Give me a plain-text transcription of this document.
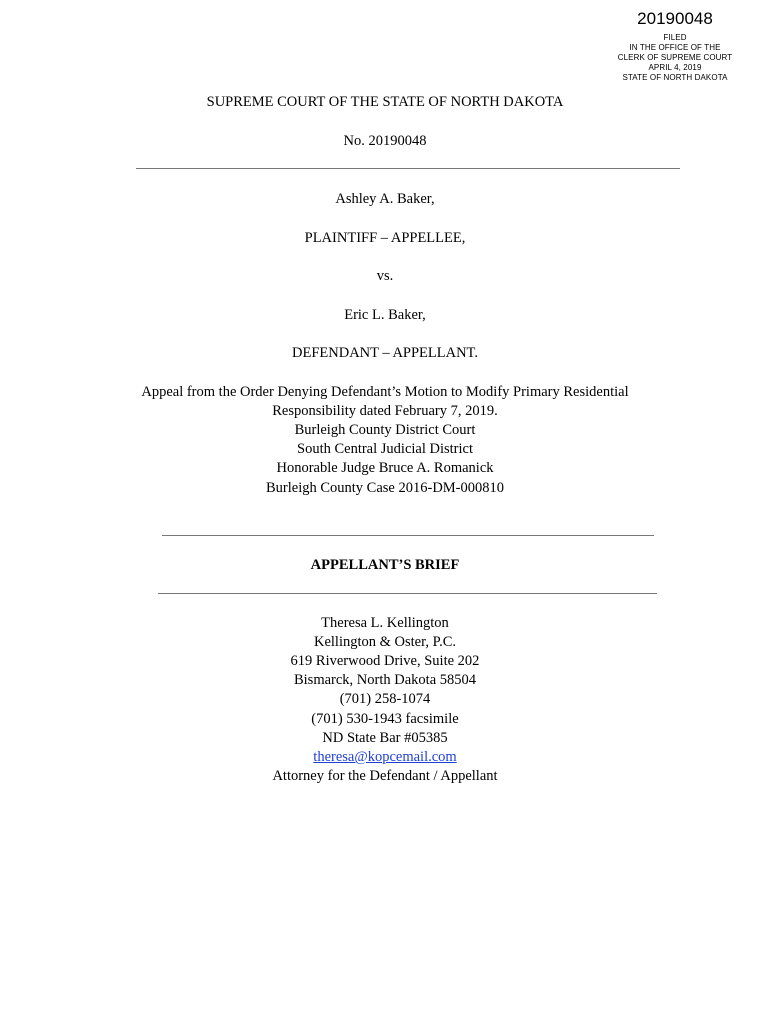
20190048
FILED
IN THE OFFICE OF THE
CLERK OF SUPREME COURT
APRIL 4, 2019
STATE OF NORTH DAKOTA
SUPREME COURT OF THE STATE OF NORTH DAKOTA
No. 20190048
Ashley A. Baker,
PLAINTIFF – APPELLEE,
vs.
Eric L. Baker,
DEFENDANT – APPELLANT.
Appeal from the Order Denying Defendant’s Motion to Modify Primary Residential
Responsibility dated February 7, 2019.
Burleigh County District Court
South Central Judicial District
Honorable Judge Bruce A. Romanick
Burleigh County Case 2016-DM-000810
APPELLANT’S BRIEF
Theresa L. Kellington
Kellington & Oster, P.C.
619 Riverwood Drive, Suite 202
Bismarck, North Dakota 58504
(701) 258-1074
(701) 530-1943 facsimile
ND State Bar #05385
theresa@kopcemail.com
Attorney for the Defendant / Appellant
